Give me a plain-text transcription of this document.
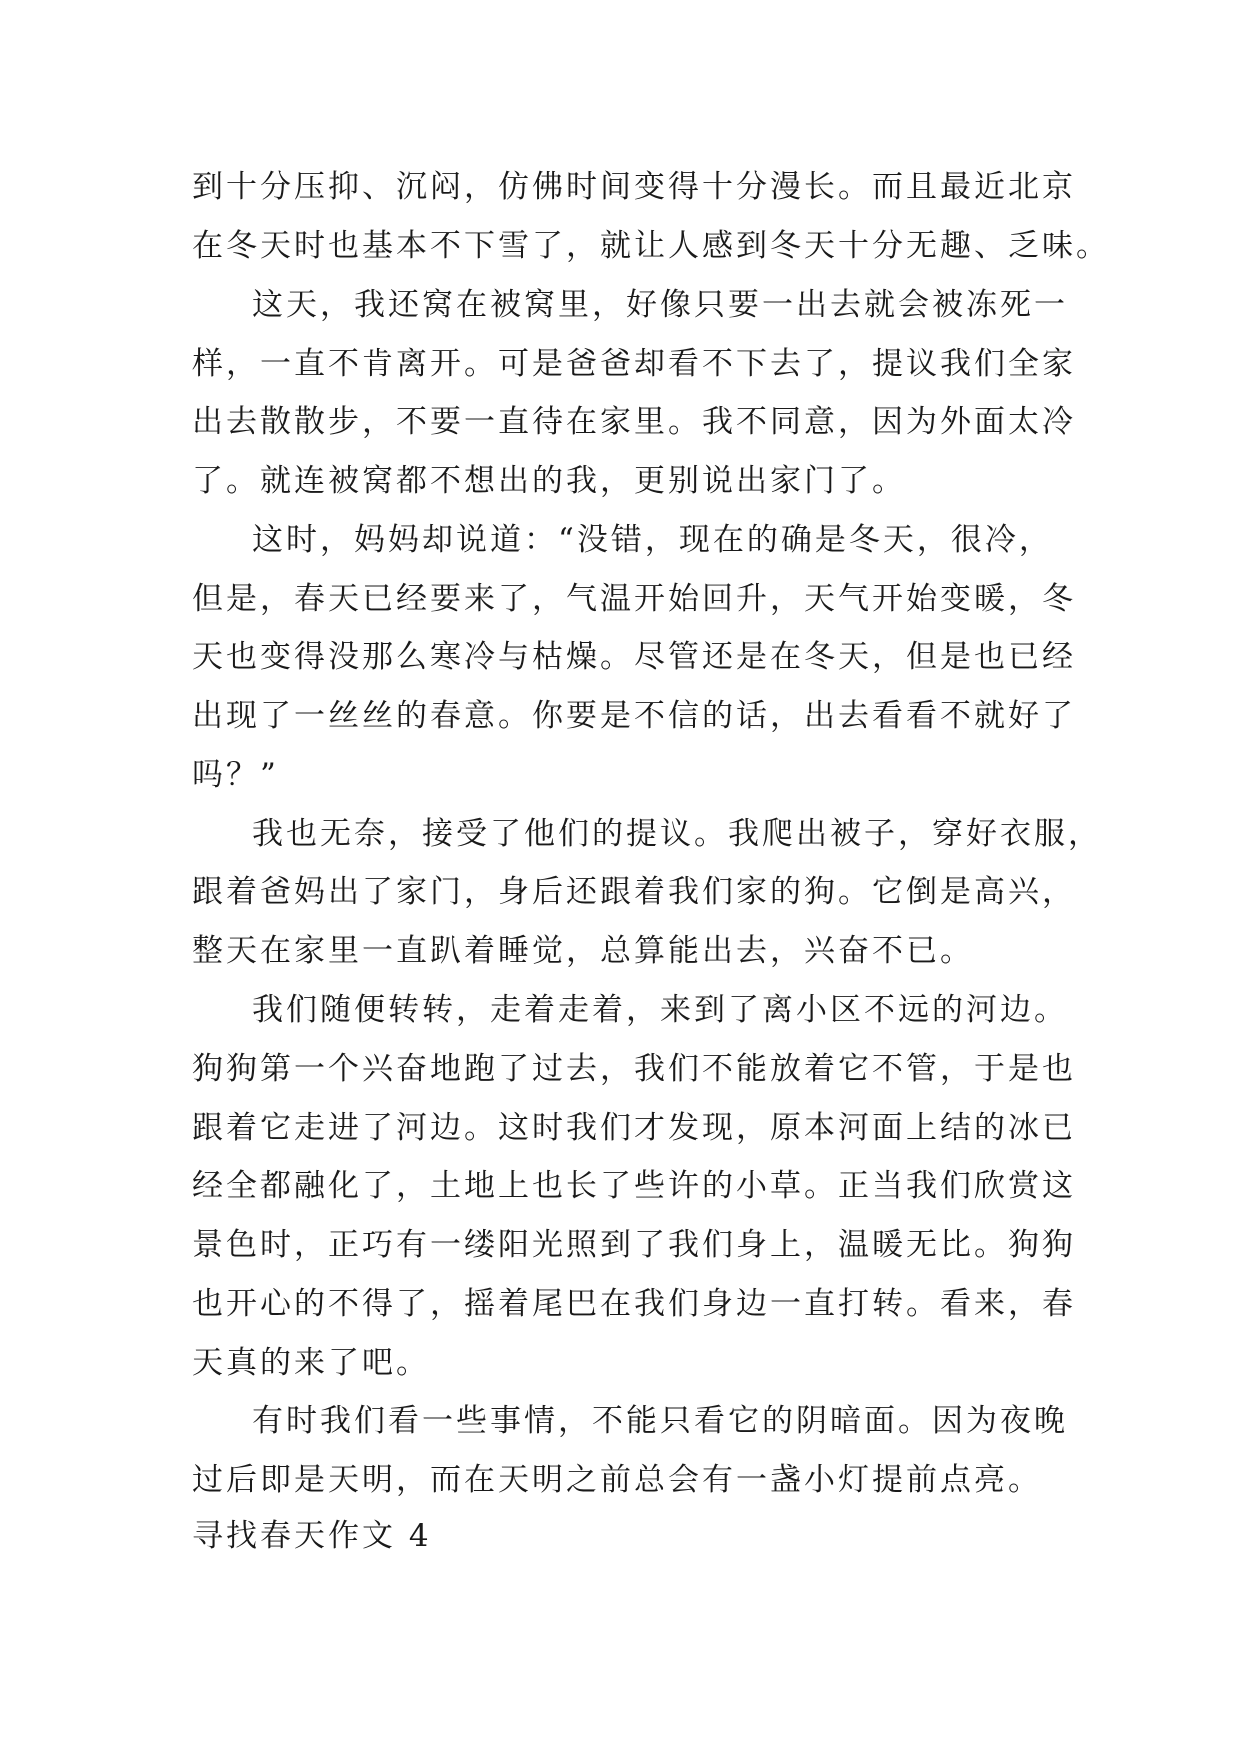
到十分压抑、沉闷，仿佛时间变得十分漫长。而且最近北京
在冬天时也基本不下雪了，就让人感到冬天十分无趣、乏味。
这天，我还窝在被窝里，好像只要一出去就会被冻死一
样，一直不肯离开。可是爸爸却看不下去了，提议我们全家
出去散散步，不要一直待在家里。我不同意，因为外面太冷
了。就连被窝都不想出的我，更别说出家门了。
这时，妈妈却说道：“没错，现在的确是冬天，很冷，
但是，春天已经要来了，气温开始回升，天气开始变暖，冬
天也变得没那么寒冷与枯燥。尽管还是在冬天，但是也已经
出现了一丝丝的春意。你要是不信的话，出去看看不就好了
吗？”
我也无奈，接受了他们的提议。我爬出被子，穿好衣服，
跟着爸妈出了家门，身后还跟着我们家的狗。它倒是高兴，
整天在家里一直趴着睡觉，总算能出去，兴奋不已。
我们随便转转，走着走着，来到了离小区不远的河边。
狗狗第一个兴奋地跑了过去，我们不能放着它不管，于是也
跟着它走进了河边。这时我们才发现，原本河面上结的冰已
经全都融化了，土地上也长了些许的小草。正当我们欣赏这
景色时，正巧有一缕阳光照到了我们身上，温暖无比。狗狗
也开心的不得了，摇着尾巴在我们身边一直打转。看来，春
天真的来了吧。
有时我们看一些事情，不能只看它的阴暗面。因为夜晚
过后即是天明，而在天明之前总会有一盏小灯提前点亮。
寻找春天作文 4
